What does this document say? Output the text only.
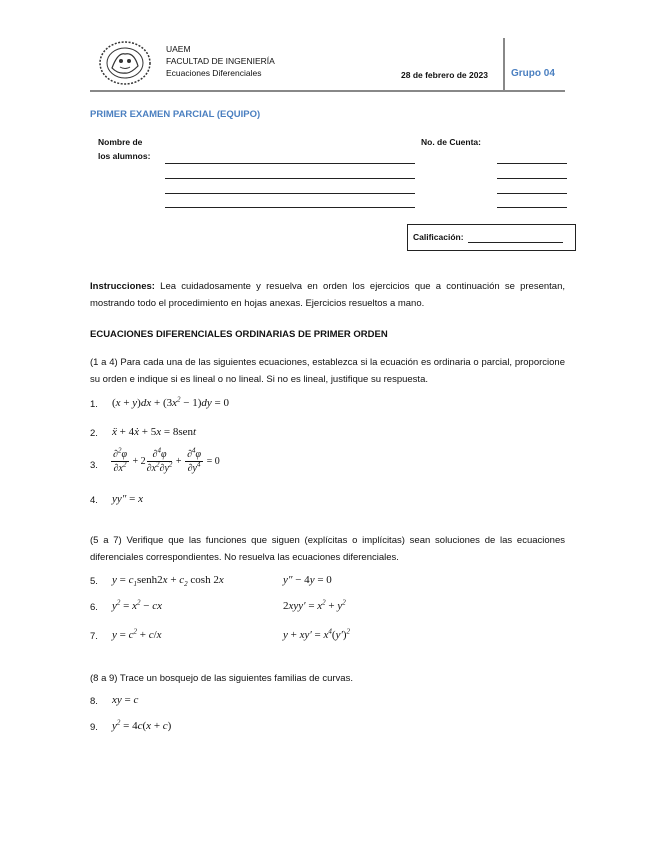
UAEM
FACULTAD DE INGENIERÍA
Ecuaciones Diferenciales	28 de febrero de 2023 Grupo 04
PRIMER EXAMEN PARCIAL (EQUIPO)
Nombre de
los alumnos:
No. de Cuenta:
Calificación:
Instrucciones: Lea cuidadosamente y resuelva en orden los ejercicios que a continuación se presentan, mostrando todo el procedimiento en hojas anexas. Ejercicios resueltos a mano.
ECUACIONES DIFERENCIALES ORDINARIAS DE PRIMER ORDEN
(1 a 4) Para cada una de las siguientes ecuaciones, establezca si la ecuación es ordinaria o parcial, proporcione su orden e indique si es lineal o no lineal. Si no es lineal, justifique su respuesta.
1. $(x + y)dx + (3x^2 - 1)dy = 0$
2. ẍ + 4ẋ + 5x = 8sent
3. $\frac{\partial^2\varphi}{\partial x^2} + 2 \frac{\partial^4\varphi}{\partial x^2\partial y^2} + \frac{\partial^4\varphi}{\partial y^4} = 0$
4. yy″ = x
(5 a 7) Verifique que las funciones que siguen (explícitas o implícitas) sean soluciones de las ecuaciones diferenciales correspondientes. No resuelva las ecuaciones diferenciales.
5. $y = c_1senh2x + c_2$ cosh 2x	y″ − 4y = 0
6. $y^2 = x^2$ − cx	$2xyy' = x^2 + y^2$
7. $y = c^2 + c/x$	$y + xy' = x^4(y')^2$
(8 a 9) Trace un bosquejo de las siguientes familias de curvas.
8. xy = c
9. $y^2 = 4c(x + c)$
